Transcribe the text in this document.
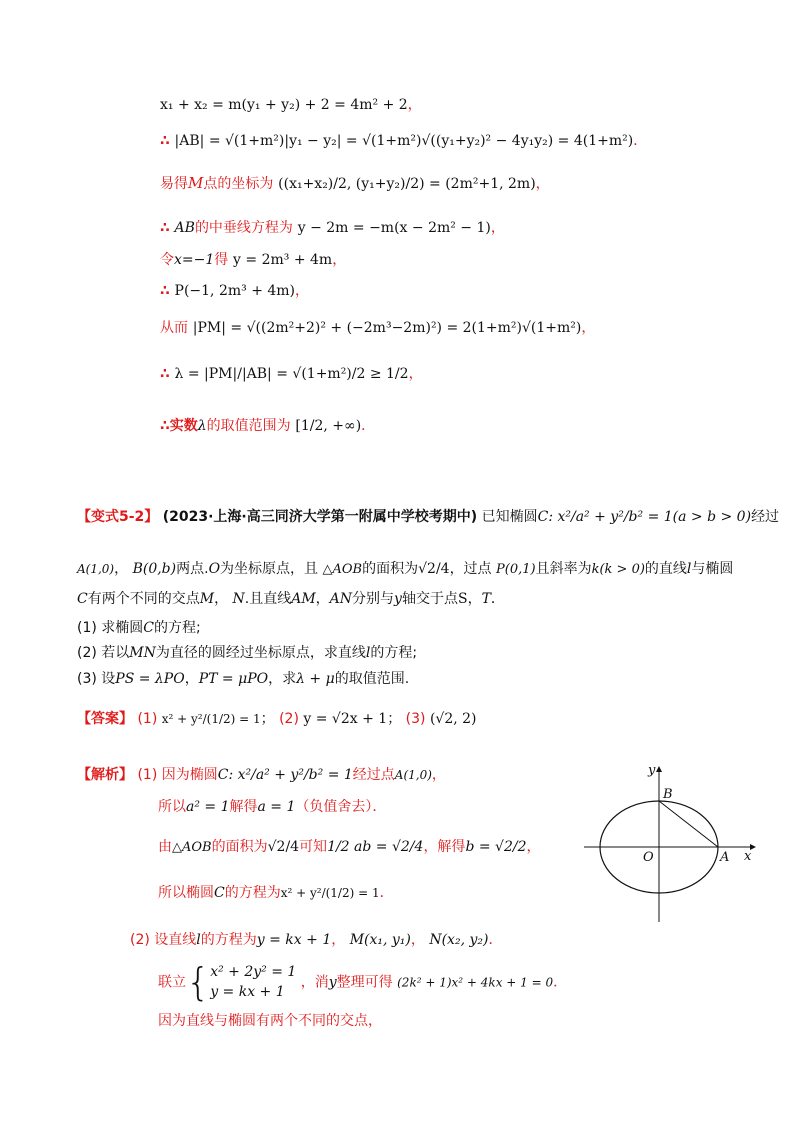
x₁ + x₂ = m(y₁ + y₂) + 2 = 4m² + 2，
∴ |AB| = √(1+m²)|y₁ − y₂| = √(1+m²)√((y₁+y₂)² − 4y₁y₂) = 4(1+m²)．
易得M点的坐标为 ((x₁+x₂)/2, (y₁+y₂)/2) = (2m²+1, 2m)，
∴ AB的中垂线方程为 y − 2m = −m(x − 2m² − 1)，
令x=−1得 y = 2m³ + 4m，
∴ P(−1, 2m³ + 4m)，
从而 |PM| = √((2m²+2)² + (−2m³−2m)²) = 2(1+m²)√(1+m²)，
∴ λ = |PM|/|AB| = √(1+m²)/2 ≥ 1/2，
∴实数λ的取值范围为 [1/2, +∞)．
【变式5-2】 (2023·上海·高三同济大学第一附属中学校考期中) 已知椭圆C: x²/a² + y²/b² = 1(a > b > 0)经过
A(1,0)， B(0,b)两点.O为坐标原点，且 △AOB的面积为√2/4，过点 P(0,1)且斜率为k(k > 0)的直线l与椭圆
C有两个不同的交点M， N.且直线AM，AN分别与y轴交于点S，T．
(1) 求椭圆C的方程;
(2) 若以MN为直径的圆经过坐标原点，求直线l的方程;
(3) 设PS = λPO，PT = μPO，求λ + μ的取值范围.
【答案】 (1) x² + y²/(1/2) = 1； (2) y = √2x + 1； (3) (√2, 2)
【解析】 (1) 因为椭圆C: x²/a² + y²/b² = 1经过点A(1,0)，
所以a² = 1解得a = 1（负值舍去）．
由△AOB的面积为√2/4可知1/2 ab = √2/4，解得b = √2/2，
所以椭圆C的方程为x² + y²/(1/2) = 1．
(2) 设直线l的方程为y = kx + 1， M(x₁, y₁)， N(x₂, y₂)．
联立{ x² + 2y² = 1
y = kx + 1
，消y整理可得 (2k² + 1)x² + 4kx + 1 = 0．
因为直线与椭圆有两个不同的交点，
y
x
B
O	A
